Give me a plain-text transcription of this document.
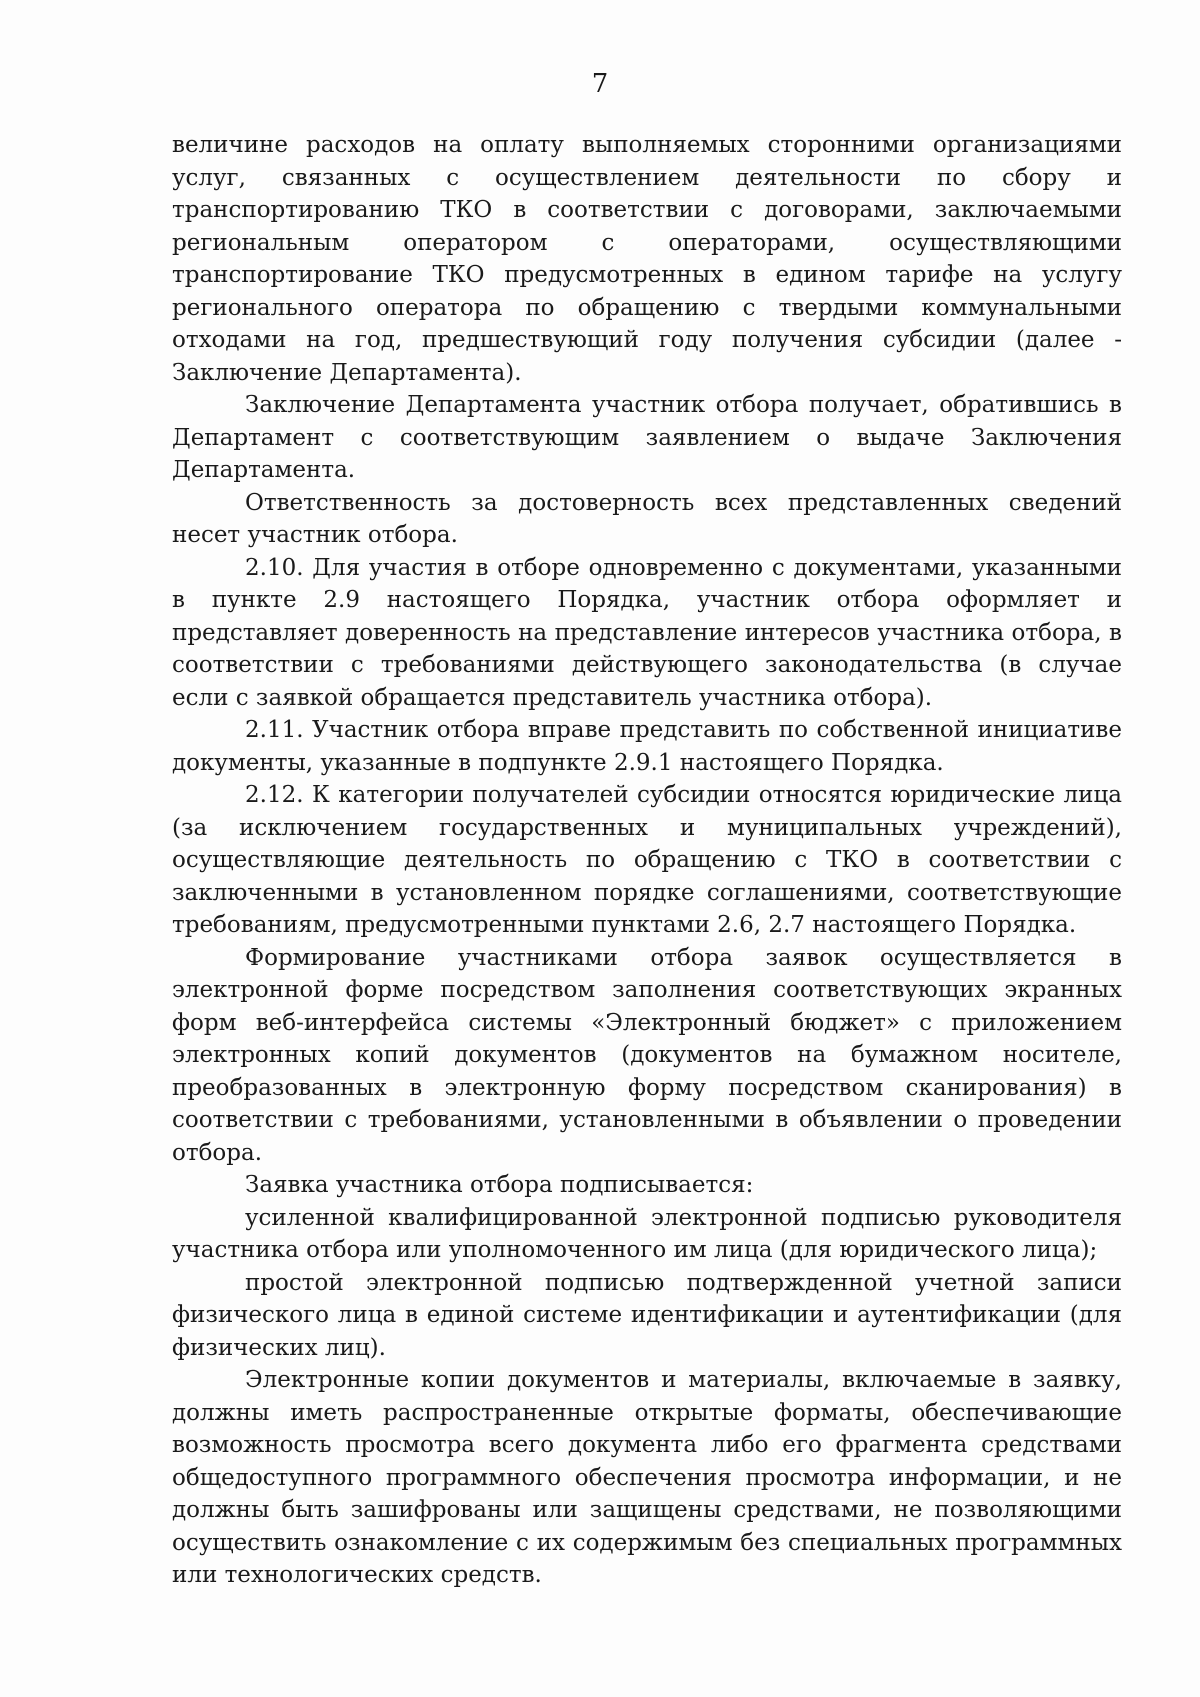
7

величине расходов на оплату выполняемых сторонними организациями услуг, связанных с осуществлением деятельности по сбору и транспортированию ТКО в соответствии с договорами, заключаемыми региональным оператором с операторами, осуществляющими транспортирование ТКО предусмотренных в едином тарифе на услугу регионального оператора по обращению с твердыми коммунальными отходами на год, предшествующий году получения субсидии (далее - Заключение Департамента).

Заключение Департамента участник отбора получает, обратившись в Департамент с соответствующим заявлением о выдаче Заключения Департамента.

Ответственность за достоверность всех представленных сведений несет участник отбора.

2.10. Для участия в отборе одновременно с документами, указанными в пункте 2.9 настоящего Порядка, участник отбора оформляет и представляет доверенность на представление интересов участника отбора, в соответствии с требованиями действующего законодательства (в случае если с заявкой обращается представитель участника отбора).

2.11. Участник отбора вправе представить по собственной инициативе документы, указанные в подпункте 2.9.1 настоящего Порядка.

2.12. К категории получателей субсидии относятся юридические лица (за исключением государственных и муниципальных учреждений), осуществляющие деятельность по обращению с ТКО в соответствии с заключенными в установленном порядке соглашениями, соответствующие требованиям, предусмотренными пунктами 2.6, 2.7 настоящего Порядка.

Формирование участниками отбора заявок осуществляется в электронной форме посредством заполнения соответствующих экранных форм веб-интерфейса системы «Электронный бюджет» с приложением электронных копий документов (документов на бумажном носителе, преобразованных в электронную форму посредством сканирования) в соответствии с требованиями, установленными в объявлении о проведении отбора.

Заявка участника отбора подписывается:

усиленной квалифицированной электронной подписью руководителя участника отбора или уполномоченного им лица (для юридического лица);

простой электронной подписью подтвержденной учетной записи физического лица в единой системе идентификации и аутентификации (для физических лиц).

Электронные копии документов и материалы, включаемые в заявку, должны иметь распространенные открытые форматы, обеспечивающие возможность просмотра всего документа либо его фрагмента средствами общедоступного программного обеспечения просмотра информации, и не должны быть зашифрованы или защищены средствами, не позволяющими осуществить ознакомление с их содержимым без специальных программных или технологических средств.
